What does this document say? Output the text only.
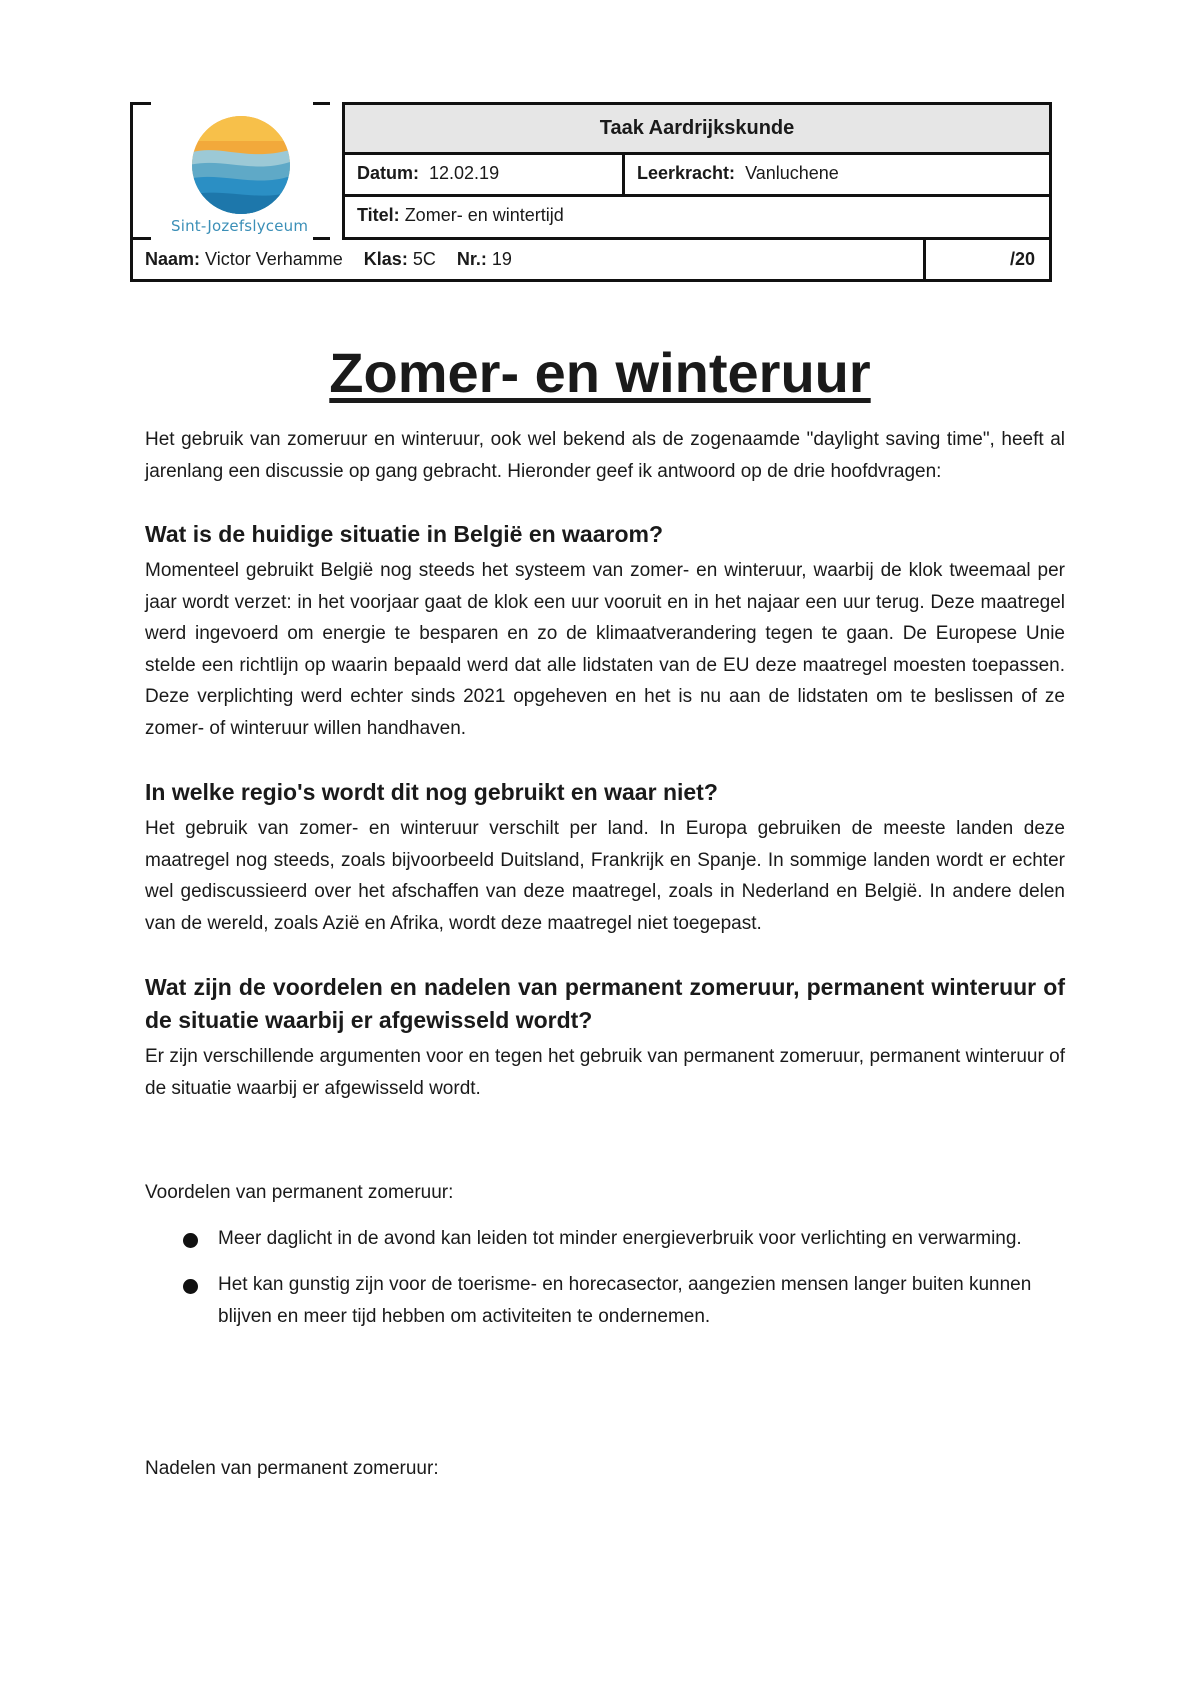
Sint-Jozefslyceum
Taak Aardrijkskunde
Datum: 12.02.19	Leerkracht: Vanluchene
Titel: Zomer- en wintertijd
Naam: Victor Verhamme Klas: 5C Nr.: 19	/20
Zomer- en winteruur

Het gebruik van zomeruur en winteruur, ook wel bekend als de zogenaamde "daylight saving time", heeft al jarenlang een discussie op gang gebracht. Hieronder geef ik antwoord op de drie hoofdvragen:

Wat is de huidige situatie in België en waarom?

Momenteel gebruikt België nog steeds het systeem van zomer- en winteruur, waarbij de klok tweemaal per jaar wordt verzet: in het voorjaar gaat de klok een uur vooruit en in het najaar een uur terug. Deze maatregel werd ingevoerd om energie te besparen en zo de klimaatverandering tegen te gaan. De Europese Unie stelde een richtlijn op waarin bepaald werd dat alle lidstaten van de EU deze maatregel moesten toepassen. Deze verplichting werd echter sinds 2021 opgeheven en het is nu aan de lidstaten om te beslissen of ze zomer- of winteruur willen handhaven.

In welke regio's wordt dit nog gebruikt en waar niet?

Het gebruik van zomer- en winteruur verschilt per land. In Europa gebruiken de meeste landen deze maatregel nog steeds, zoals bijvoorbeeld Duitsland, Frankrijk en Spanje. In sommige landen wordt er echter wel gediscussieerd over het afschaffen van deze maatregel, zoals in Nederland en België. In andere delen van de wereld, zoals Azië en Afrika, wordt deze maatregel niet toegepast.

Wat zijn de voordelen en nadelen van permanent zomeruur, permanent winteruur of de situatie waarbij er afgewisseld wordt?

Er zijn verschillende argumenten voor en tegen het gebruik van permanent zomeruur, permanent winteruur of de situatie waarbij er afgewisseld wordt.

Voordelen van permanent zomeruur:

Meer daglicht in de avond kan leiden tot minder energieverbruik voor verlichting en verwarming.
Het kan gunstig zijn voor de toerisme- en horecasector, aangezien mensen langer buiten kunnen blijven en meer tijd hebben om activiteiten te ondernemen.

Nadelen van permanent zomeruur:
